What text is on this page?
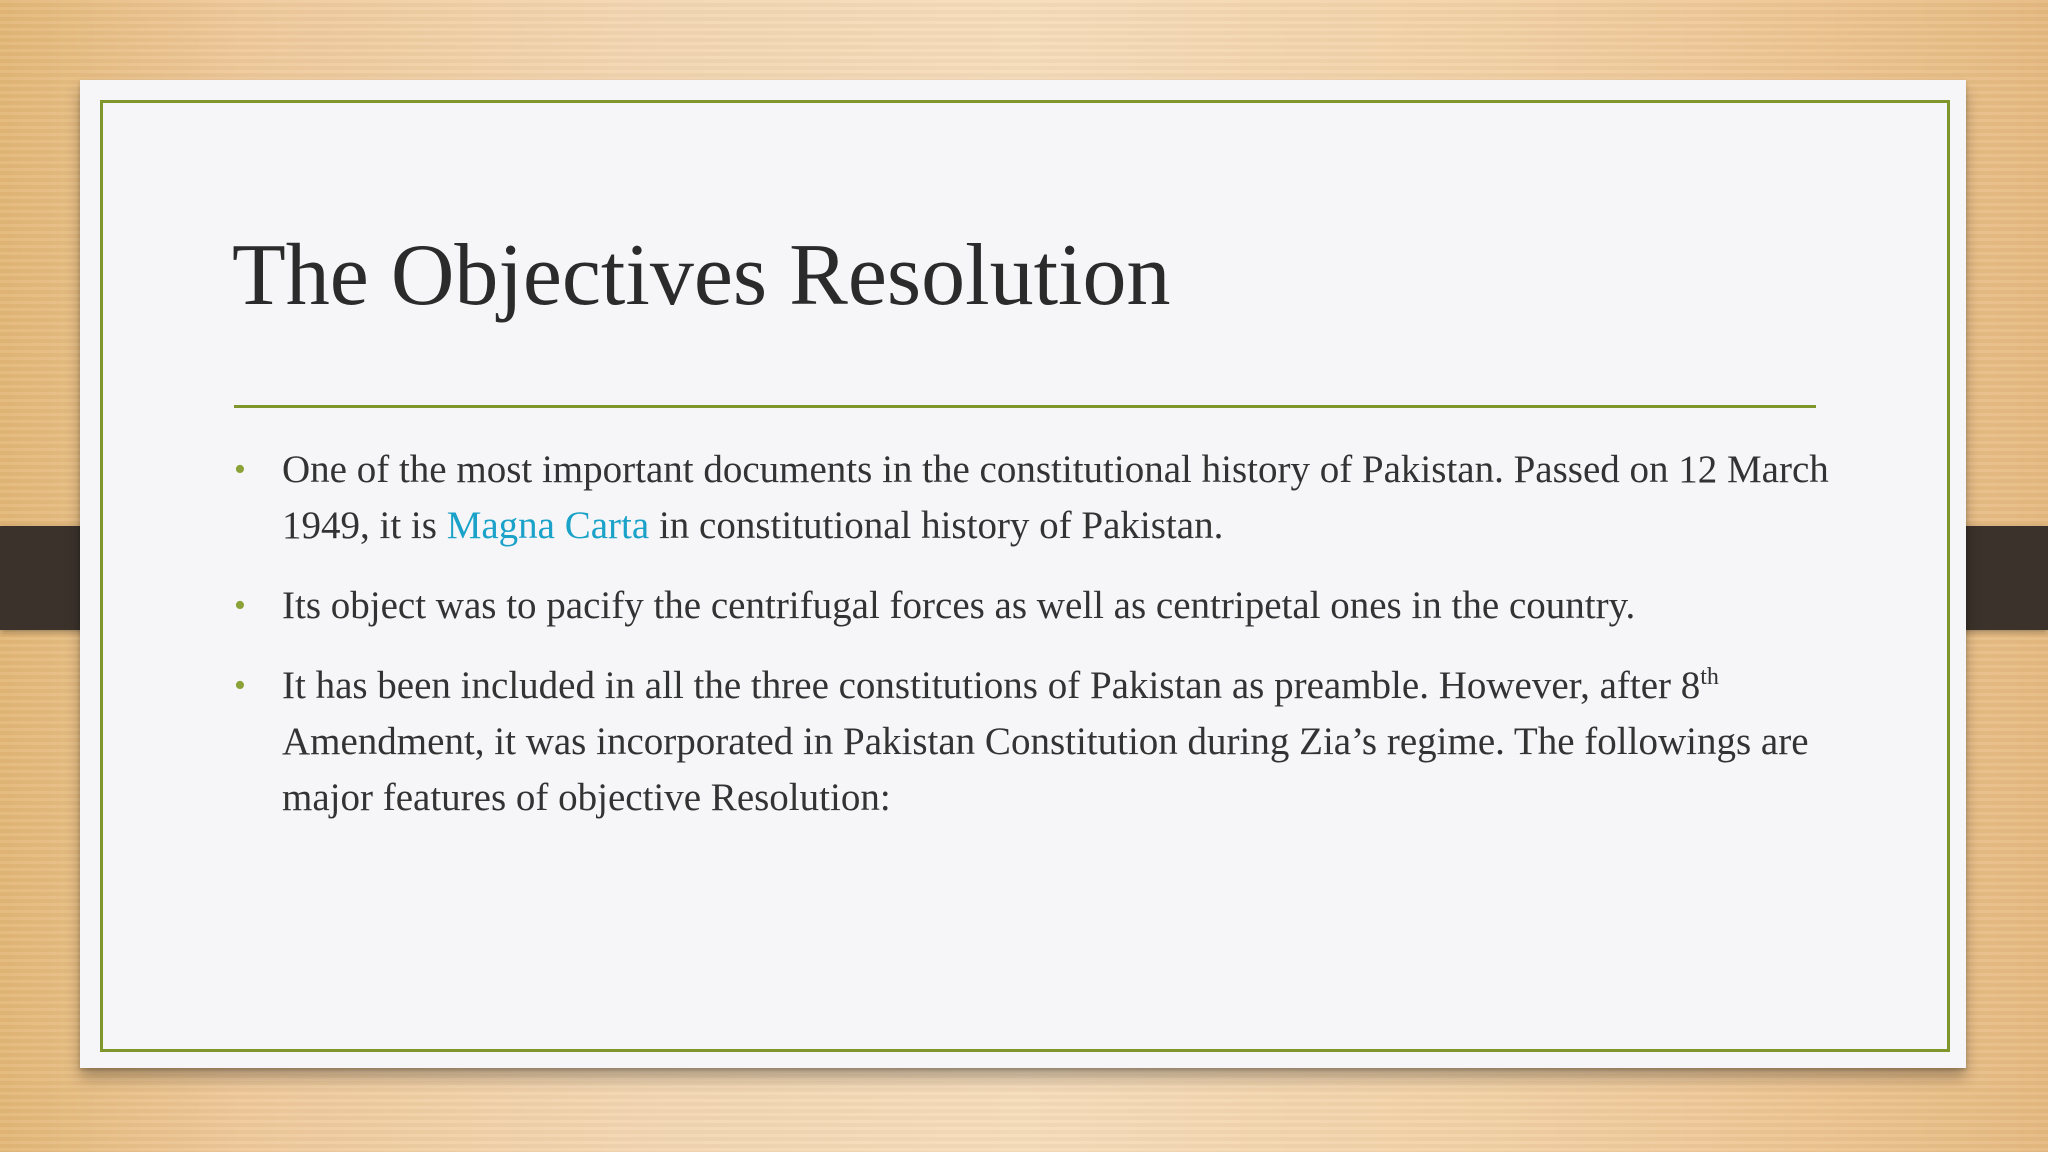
The Objectives Resolution
• One of the most important documents in the constitutional history of Pakistan. Passed on 12 March 1949, it is Magna Carta in constitutional history of Pakistan.
• Its object was to pacify the centrifugal forces as well as centripetal ones in the country.
• It has been included in all the three constitutions of Pakistan as preamble. However, after 8th Amendment, it was incorporated in Pakistan Constitution during Zia’s regime. The followings are major features of objective Resolution:
